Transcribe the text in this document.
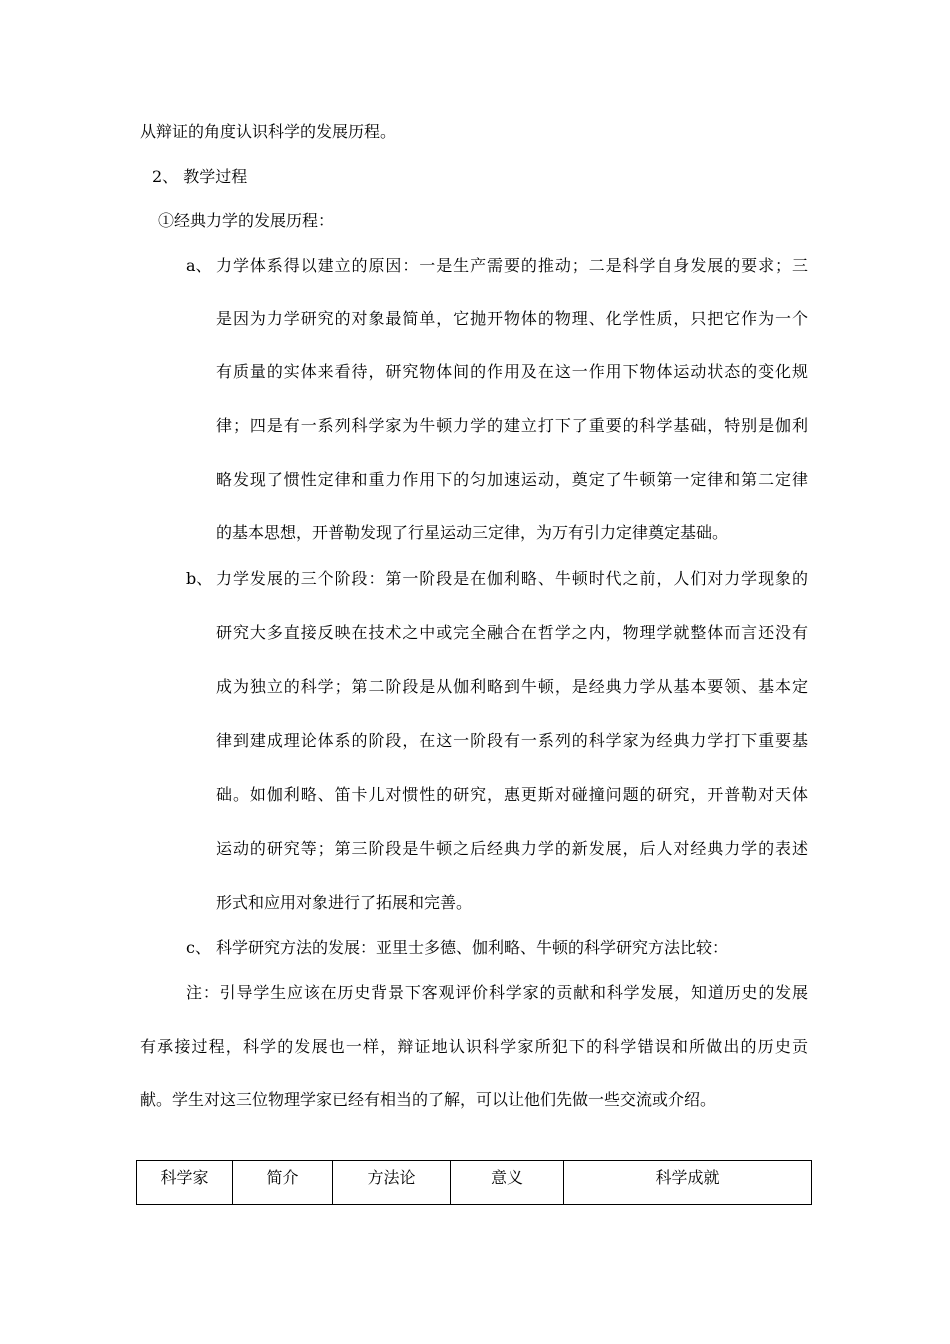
从辩证的角度认识科学的发展历程。
2、 教学过程
①经典力学的发展历程：
a、 力学体系得以建立的原因：一是生产需要的推动；二是科学自身发展的要求；三
是因为力学研究的对象最简单，它抛开物体的物理、化学性质，只把它作为一个
有质量的实体来看待，研究物体间的作用及在这一作用下物体运动状态的变化规
律；四是有一系列科学家为牛顿力学的建立打下了重要的科学基础，特别是伽利
略发现了惯性定律和重力作用下的匀加速运动，奠定了牛顿第一定律和第二定律
的基本思想，开普勒发现了行星运动三定律，为万有引力定律奠定基础。
b、 力学发展的三个阶段：第一阶段是在伽利略、牛顿时代之前，人们对力学现象的
研究大多直接反映在技术之中或完全融合在哲学之内，物理学就整体而言还没有
成为独立的科学；第二阶段是从伽利略到牛顿，是经典力学从基本要领、基本定
律到建成理论体系的阶段，在这一阶段有一系列的科学家为经典力学打下重要基
础。如伽利略、笛卡儿对惯性的研究，惠更斯对碰撞问题的研究，开普勒对天体
运动的研究等；第三阶段是牛顿之后经典力学的新发展，后人对经典力学的表述
形式和应用对象进行了拓展和完善。
c、 科学研究方法的发展：亚里士多德、伽利略、牛顿的科学研究方法比较：
注：引导学生应该在历史背景下客观评价科学家的贡献和科学发展，知道历史的发展
有承接过程，科学的发展也一样，辩证地认识科学家所犯下的科学错误和所做出的历史贡
献。学生对这三位物理学家已经有相当的了解，可以让他们先做一些交流或介绍。
科学家	简介	方法论	意义	科学成就
